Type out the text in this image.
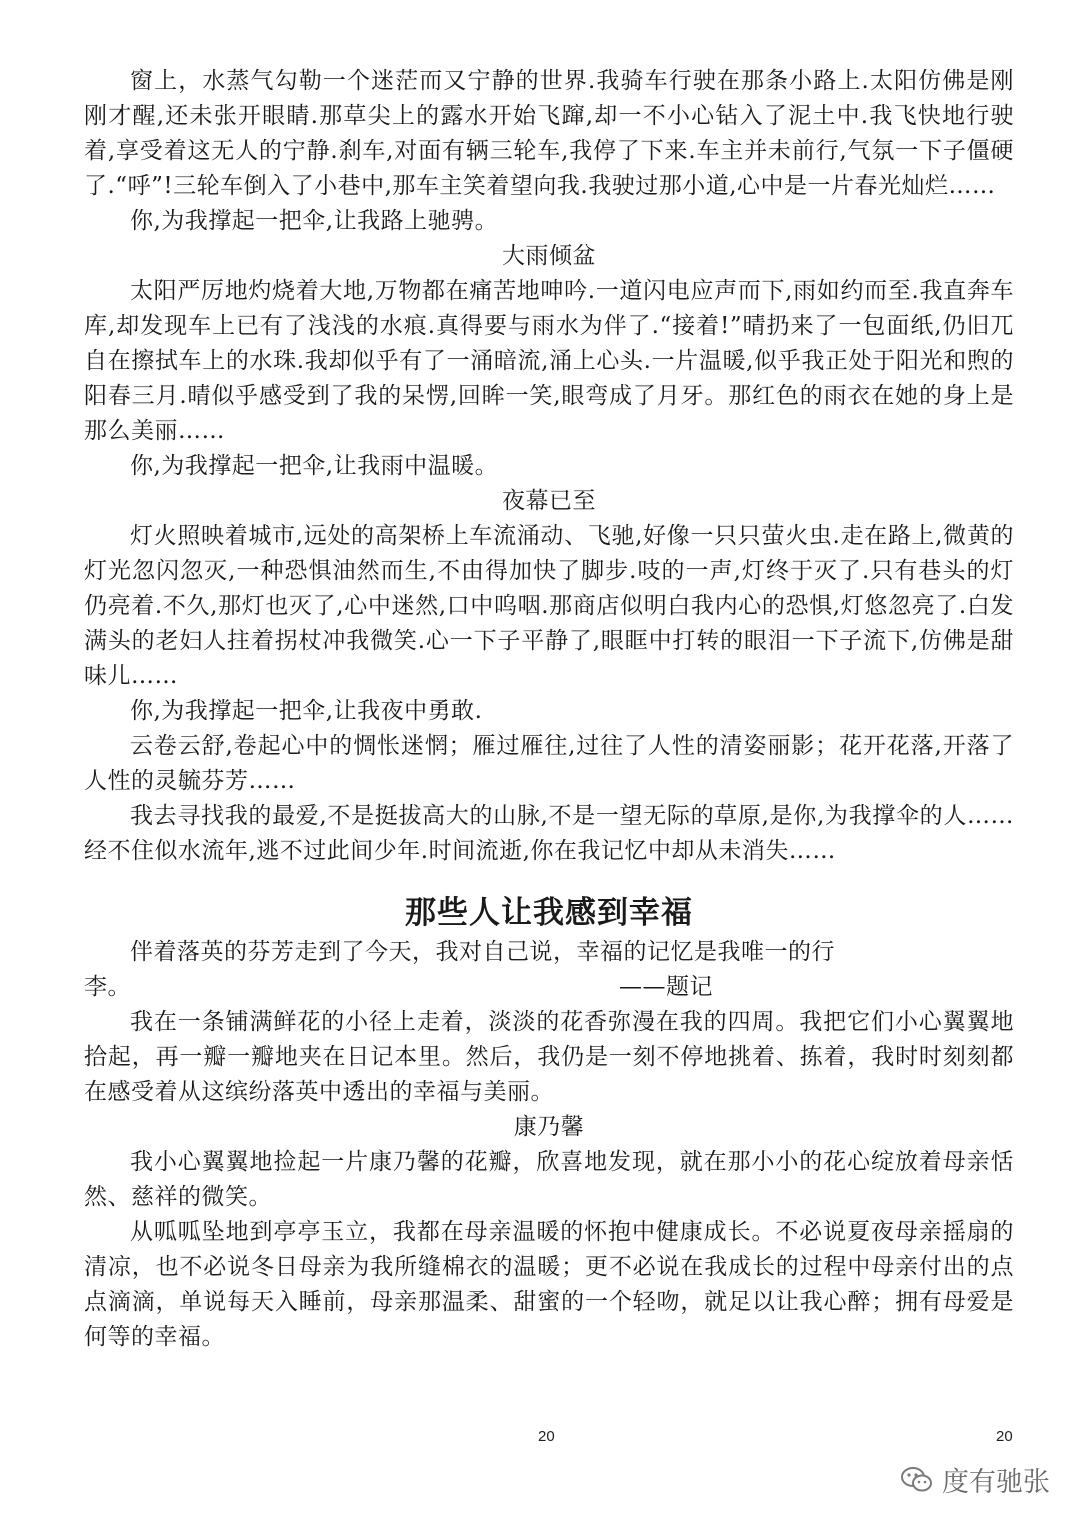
窗上，水蒸气勾勒一个迷茫而又宁静的世界.我骑车行驶在那条小路上.太阳仿佛是刚刚才醒,还未张开眼睛.那草尖上的露水开始飞蹿,却一不小心钻入了泥土中.我飞快地行驶着,享受着这无人的宁静.刹车,对面有辆三轮车,我停了下来.车主并未前行,气氛一下子僵硬了.“呼”!三轮车倒入了小巷中,那车主笑着望向我.我驶过那小道,心中是一片春光灿烂……

你,为我撑起一把伞,让我路上驰骋。

大雨倾盆

太阳严厉地灼烧着大地,万物都在痛苦地呻吟.一道闪电应声而下,雨如约而至.我直奔车库,却发现车上已有了浅浅的水痕.真得要与雨水为伴了.“接着!”晴扔来了一包面纸,仍旧兀自在擦拭车上的水珠.我却似乎有了一涌暗流,涌上心头.一片温暖,似乎我正处于阳光和煦的阳春三月.晴似乎感受到了我的呆愣,回眸一笑,眼弯成了月牙。那红色的雨衣在她的身上是那么美丽……

你,为我撑起一把伞,让我雨中温暖。

夜幕已至

灯火照映着城市,远处的高架桥上车流涌动、飞驰,好像一只只萤火虫.走在路上,微黄的灯光忽闪忽灭,一种恐惧油然而生,不由得加快了脚步.吱的一声,灯终于灭了.只有巷头的灯仍亮着.不久,那灯也灭了,心中迷然,口中呜咽.那商店似明白我内心的恐惧,灯悠忽亮了.白发满头的老妇人拄着拐杖冲我微笑.心一下子平静了,眼眶中打转的眼泪一下子流下,仿佛是甜味儿……

你,为我撑起一把伞,让我夜中勇敢.

云卷云舒,卷起心中的惆怅迷惘；雁过雁往,过往了人性的清姿丽影；花开花落,开落了人性的灵毓芬芳……

我去寻找我的最爱,不是挺拔高大的山脉,不是一望无际的草原,是你,为我撑伞的人……经不住似水流年,逃不过此间少年.时间流逝,你在我记忆中却从未消失……

那些人让我感到幸福

伴着落英的芬芳走到了今天，我对自己说，幸福的记忆是我唯一的行

李。	——题记

我在一条铺满鲜花的小径上走着，淡淡的花香弥漫在我的四周。我把它们小心翼翼地拾起，再一瓣一瓣地夹在日记本里。然后，我仍是一刻不停地挑着、拣着，我时时刻刻都在感受着从这缤纷落英中透出的幸福与美丽。

康乃馨

我小心翼翼地捡起一片康乃馨的花瓣，欣喜地发现，就在那小小的花心绽放着母亲恬然、慈祥的微笑。

从呱呱坠地到亭亭玉立，我都在母亲温暖的怀抱中健康成长。不必说夏夜母亲摇扇的清凉，也不必说冬日母亲为我所缝棉衣的温暖；更不必说在我成长的过程中母亲付出的点点滴滴，单说每天入睡前，母亲那温柔、甜蜜的一个轻吻，就足以让我心醉；拥有母爱是何等的幸福。

20	20
度有驰张
